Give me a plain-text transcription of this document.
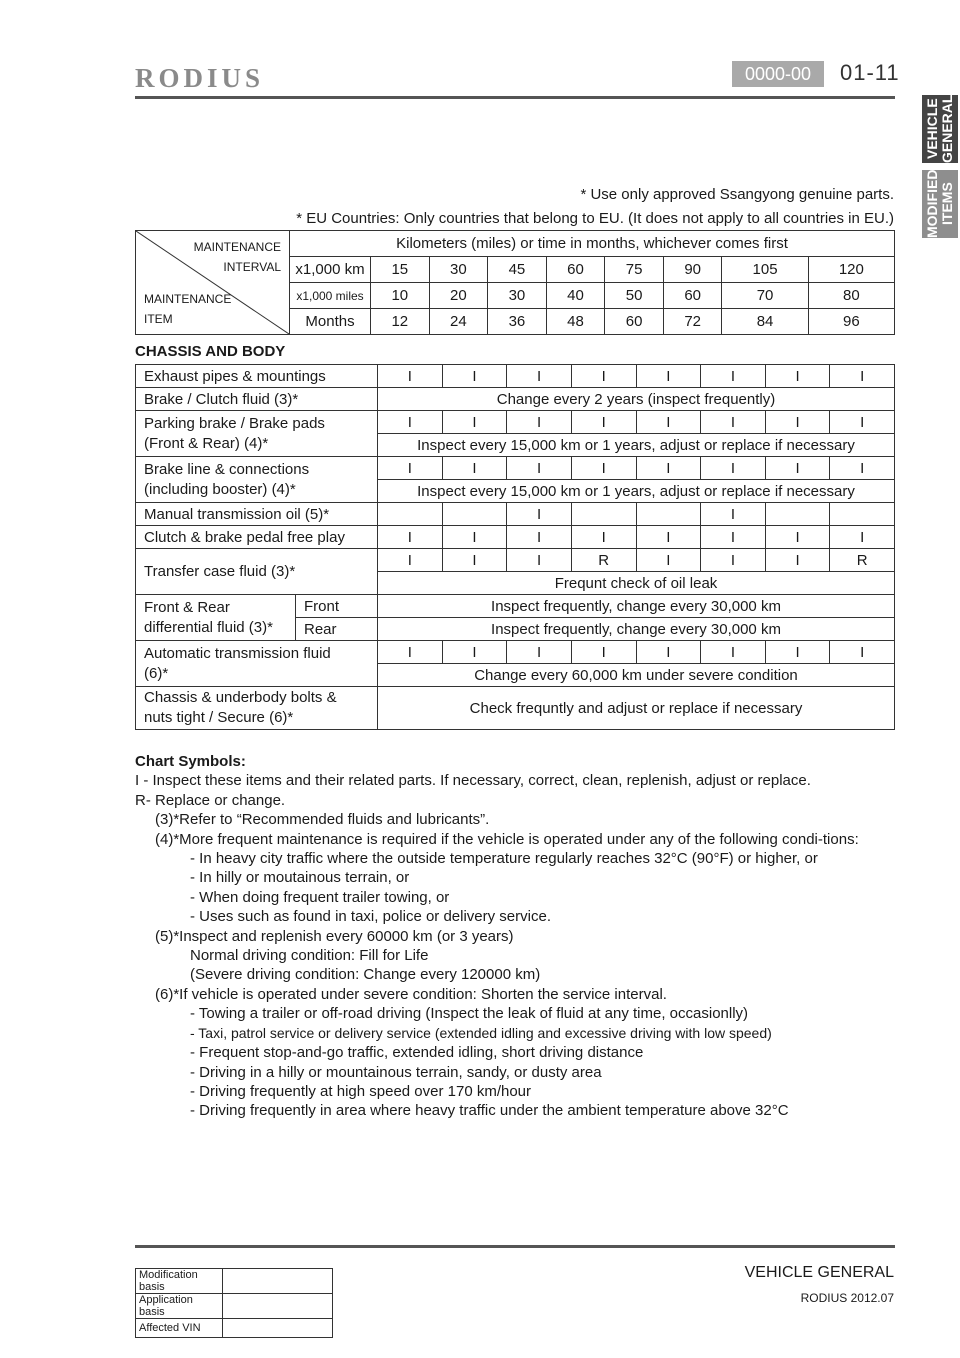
RODIUS	0000-00	01-11
VEHICLE GENERAL
MODIFIED ITEMS
* Use only approved Ssangyong genuine parts.
* EU Countries: Only countries that belong to EU. (It does not apply to all countries in EU.)
MAINTENANCE
INTERVAL
MAINTENANCE
ITEM	Kilometers (miles) or time in months, whichever comes first								
	x1,000 km	15	30	45	60	75	90	105	120
	x1,000 miles	10	20	30	40	50	60	70	80
	Months	12	24	36	48	60	72	84	96
CHASSIS AND BODY
Exhaust pipes & mountings		I	I	I	I	I	I	I	I
Brake / Clutch fluid (3)*		Change every 2 years (inspect frequently)							

Parking brake / Brake pads
(Front & Rear) (4)*		I	I	I	I	I	I	I	I
		Inspect every 15,000 km or 1 years, adjust or replace if necessary							

Brake line & connections
(including booster) (4)*		I	I	I	I	I	I	I	I
		Inspect every 15,000 km or 1 years, adjust or replace if necessary							
Manual transmission oil (5)*				I			I		
Clutch & brake pedal free play		I	I	I	I	I	I	I	I
Transfer case fluid (3)*		I	I	I	R	I	I	I	R
		Frequnt check of oil leak							

Front & Rear
differential fluid (3)*	Front	Inspect frequently, change every 30,000 km							
	Rear	Inspect frequently, change every 30,000 km							

Automatic transmission fluid
(6)*		I	I	I	I	I	I	I	I
		Change every 60,000 km under severe condition							

Chassis & underbody bolts &
nuts tight / Secure (6)*		Check frequntly and adjust or replace if necessary							
Chart Symbols:
I - Inspect these items and their related parts. If necessary, correct, clean, replenish, adjust or replace.
R- Replace or change.
(3)*Refer to “Recommended fluids and lubricants”.
(4)*More frequent maintenance is required if the vehicle is operated under any of the following condi-tions:
- In heavy city traffic where the outside temperature regularly reaches 32°C (90°F) or higher, or
- In hilly or moutainous terrain, or
- When doing frequent trailer towing, or
- Uses such as found in taxi, police or delivery service.
(5)*Inspect and replenish every 60000 km (or 3 years)
Normal driving condition: Fill for Life
(Severe driving condition: Change every 120000 km)
(6)*If vehicle is operated under severe condition: Shorten the service interval.
- Towing a trailer or off-road driving (Inspect the leak of fluid at any time, occasionlly)
- Taxi, patrol service or delivery service (extended idling and excessive driving with low speed)
- Frequent stop-and-go traffic, extended idling, short driving distance
- Driving in a hilly or mountainous terrain, sandy, or dusty area
- Driving frequently at high speed over 170 km/hour
- Driving frequently in area where heavy traffic under the ambient temperature above 32°C
Modification basis	
Application basis	
Affected VIN	
VEHICLE GENERAL
RODIUS 2012.07
